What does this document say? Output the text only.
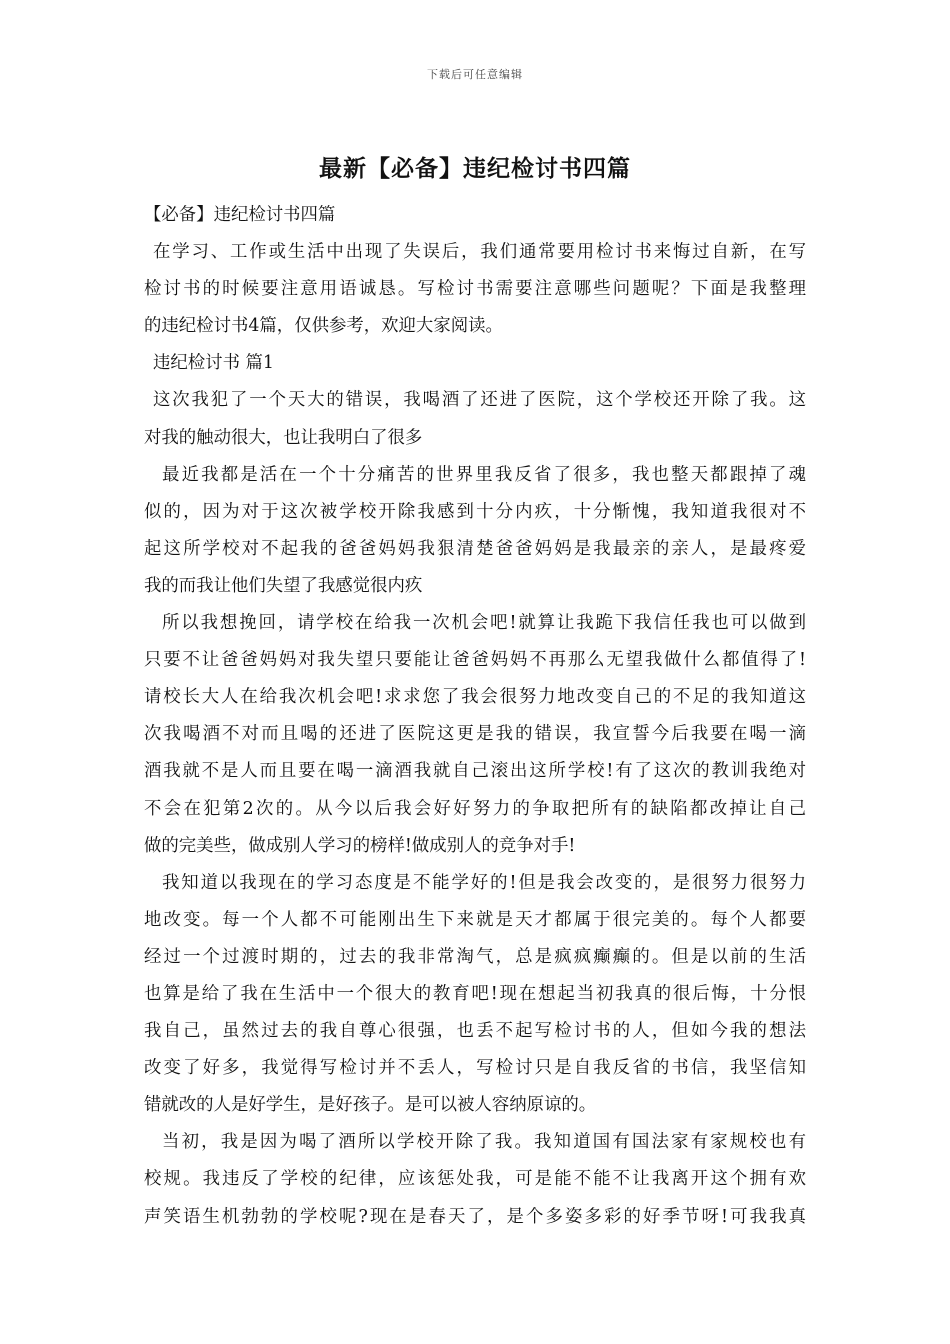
下载后可任意编辑
最新【必备】违纪检讨书四篇
【必备】违纪检讨书四篇
在学习、工作或生活中出现了失误后，我们通常要用检讨书来悔过自新，在写
检讨书的时候要注意用语诚恳。写检讨书需要注意哪些问题呢？下面是我整理
的违纪检讨书4篇，仅供参考，欢迎大家阅读。
违纪检讨书 篇1
这次我犯了一个天大的错误，我喝酒了还进了医院，这个学校还开除了我。这
对我的触动很大，也让我明白了很多
最近我都是活在一个十分痛苦的世界里我反省了很多，我也整天都跟掉了魂
似的，因为对于这次被学校开除我感到十分内疚，十分惭愧，我知道我很对不
起这所学校对不起我的爸爸妈妈我狠清楚爸爸妈妈是我最亲的亲人，是最疼爱
我的而我让他们失望了我感觉很内疚
所以我想挽回，请学校在给我一次机会吧!就算让我跪下我信任我也可以做到
只要不让爸爸妈妈对我失望只要能让爸爸妈妈不再那么无望我做什么都值得了!
请校长大人在给我次机会吧!求求您了我会很努力地改变自己的不足的我知道这
次我喝酒不对而且喝的还进了医院这更是我的错误，我宣誓今后我要在喝一滴
酒我就不是人而且要在喝一滴酒我就自己滚出这所学校!有了这次的教训我绝对
不会在犯第2次的。从今以后我会好好努力的争取把所有的缺陷都改掉让自己
做的完美些，做成别人学习的榜样!做成别人的竞争对手!
我知道以我现在的学习态度是不能学好的!但是我会改变的，是很努力很努力
地改变。每一个人都不可能刚出生下来就是天才都属于很完美的。每个人都要
经过一个过渡时期的，过去的我非常淘气，总是疯疯癫癫的。但是以前的生活
也算是给了我在生活中一个很大的教育吧!现在想起当初我真的很后悔，十分恨
我自己，虽然过去的我自尊心很强，也丢不起写检讨书的人，但如今我的想法
改变了好多，我觉得写检讨并不丢人，写检讨只是自我反省的书信，我坚信知
错就改的人是好学生，是好孩子。是可以被人容纳原谅的。
当初，我是因为喝了酒所以学校开除了我。我知道国有国法家有家规校也有
校规。我违反了学校的纪律，应该惩处我，可是能不能不让我离开这个拥有欢
声笑语生机勃勃的学校呢?现在是春天了，是个多姿多彩的好季节呀!可我我真
